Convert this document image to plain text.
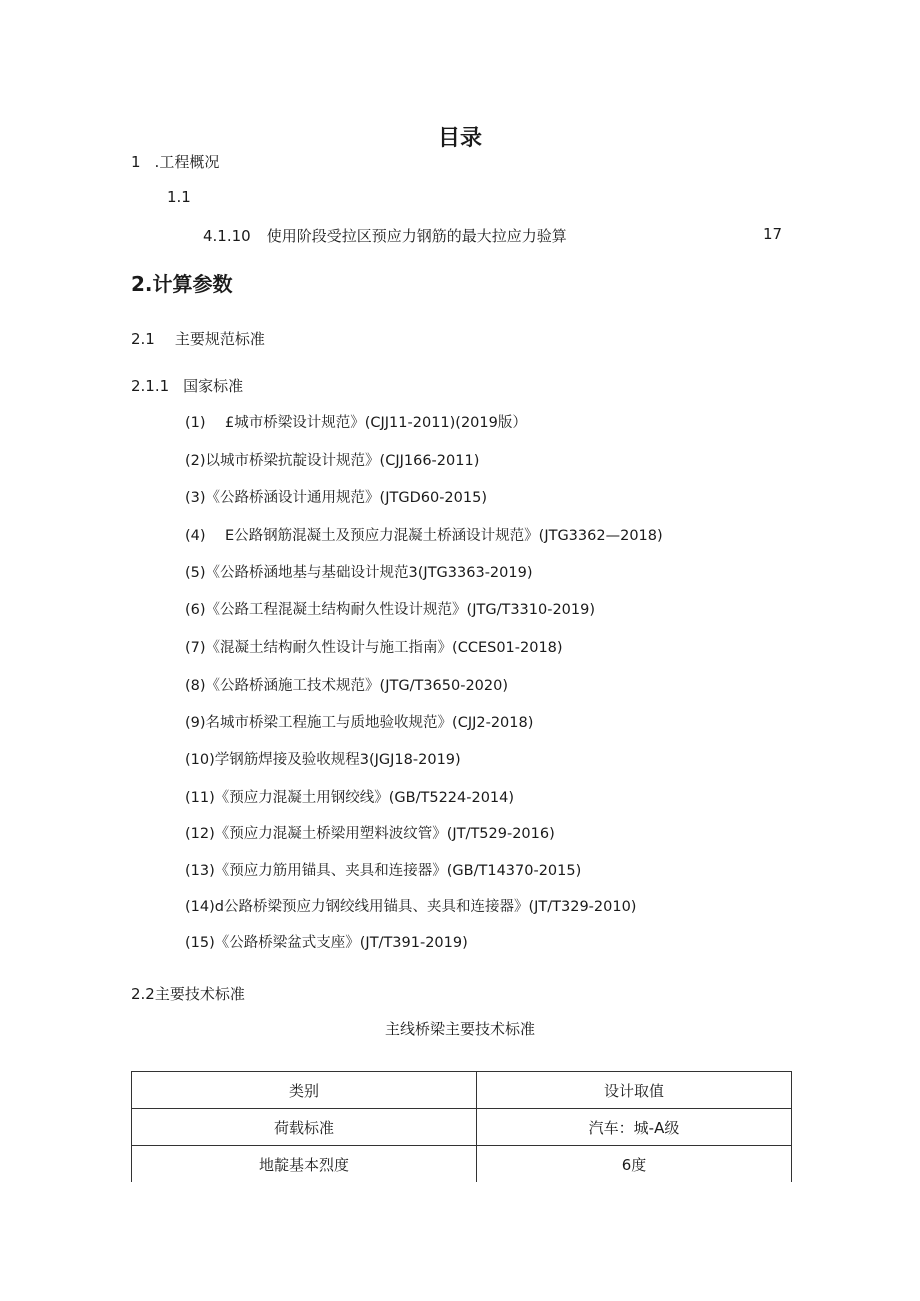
目录
1 .工程概况
1.1
4.1.10 使用阶段受拉区预应力钢筋的最大拉应力验算	17
2.计算参数
2.1 主要规范标准
2.1.1 国家标准
(1) £城市桥梁设计规范》(CJJ11-2011)(2019版）
(2)以城市桥梁抗靛设计规范》(CJJ166-2011)
(3)《公路桥涵设计通用规范》(JTGD60-2015)
(4) E公路钢筋混凝土及预应力混凝土桥涵设计规范》(JTG3362—2018)
(5)《公路桥涵地基与基础设计规范3(JTG3363-2019)
(6)《公路工程混凝土结构耐久性设计规范》(JTG/T3310-2019)
(7)《混凝土结构耐久性设计与施工指南》(CCES01-2018)
(8)《公路桥涵施工技术规范》(JTG/T3650-2020)
(9)名城市桥梁工程施工与质地验收规范》(CJJ2-2018)
(10)学钢筋焊接及验收规程3(JGJ18-2019)
(11)《预应力混凝土用钢绞线》(GB/T5224-2014)
(12)《预应力混凝土桥梁用塑料波纹管》(JT/T529-2016)
(13)《预应力筋用锚具、夹具和连接器》(GB/T14370-2015)
(14)d公路桥梁预应力钢绞线用锚具、夹具和连接器》(JT/T329-2010)
(15)《公路桥梁盆式支座》(JT/T391-2019)
2.2主要技术标准
主线桥梁主要技术标准
类别	设计取值
荷载标准	汽车：城-A级
地靛基本烈度	6度
